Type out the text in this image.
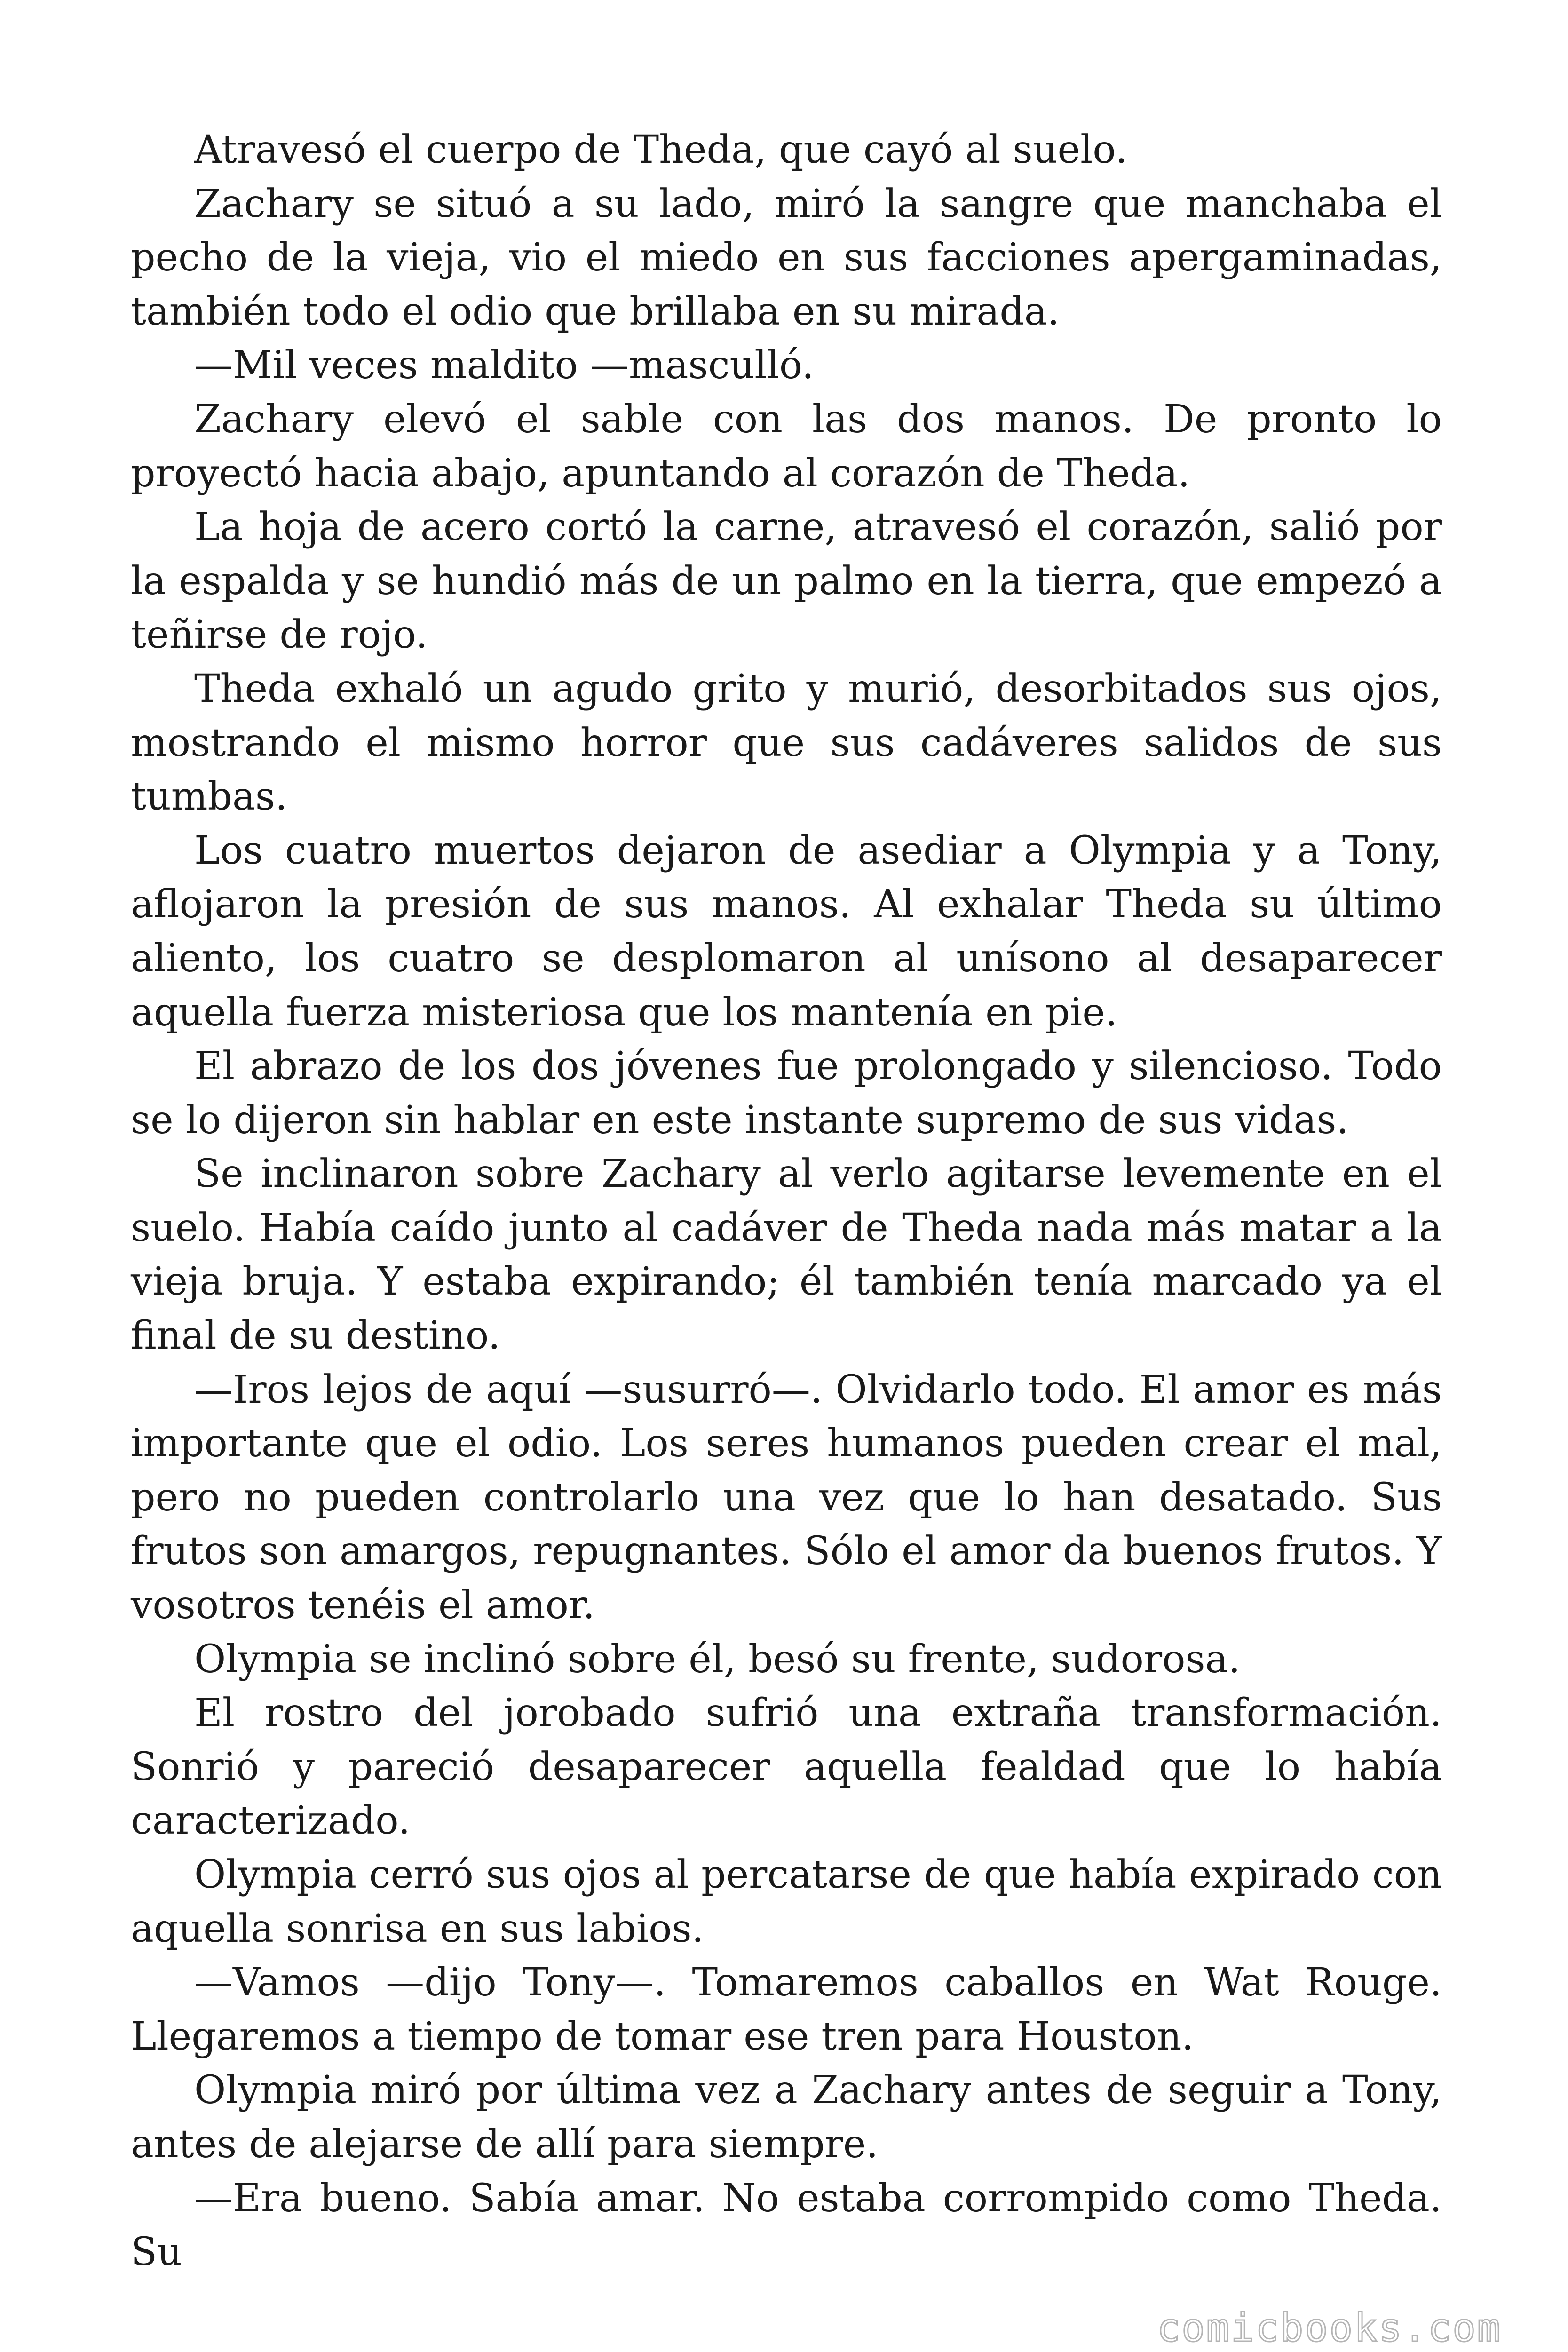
Atravesó el cuerpo de Theda, que cayó al suelo.

Zachary se situó a su lado, miró la sangre que manchaba el pecho de la vieja, vio el miedo en sus facciones apergaminadas, también todo el odio que brillaba en su mirada.

—Mil veces maldito —masculló.

Zachary elevó el sable con las dos manos. De pronto lo proyectó hacia abajo, apuntando al corazón de Theda.

La hoja de acero cortó la carne, atravesó el corazón, salió por la espalda y se hundió más de un palmo en la tierra, que empezó a teñirse de rojo.

Theda exhaló un agudo grito y murió, desorbitados sus ojos, mostrando el mismo horror que sus cadáveres salidos de sus tumbas.

Los cuatro muertos dejaron de asediar a Olympia y a Tony, aflojaron la presión de sus manos. Al exhalar Theda su último aliento, los cuatro se desplomaron al unísono al desaparecer aquella fuerza misteriosa que los mantenía en pie.

El abrazo de los dos jóvenes fue prolongado y silencioso. Todo se lo dijeron sin hablar en este instante supremo de sus vidas.

Se inclinaron sobre Zachary al verlo agitarse levemente en el suelo. Había caído junto al cadáver de Theda nada más matar a la vieja bruja. Y estaba expirando; él también tenía marcado ya el final de su destino.

—Iros lejos de aquí —susurró—. Olvidarlo todo. El amor es más importante que el odio. Los seres humanos pueden crear el mal, pero no pueden controlarlo una vez que lo han desatado. Sus frutos son amargos, repugnantes. Sólo el amor da buenos frutos. Y vosotros tenéis el amor.

Olympia se inclinó sobre él, besó su frente, sudorosa.

El rostro del jorobado sufrió una extraña transformación. Sonrió y pareció desaparecer aquella fealdad que lo había caracterizado.

Olympia cerró sus ojos al percatarse de que había expirado con aquella sonrisa en sus labios.

—Vamos —dijo Tony—. Tomaremos caballos en Wat Rouge. Llegaremos a tiempo de tomar ese tren para Houston.

Olympia miró por última vez a Zachary antes de seguir a Tony, antes de alejarse de allí para siempre.

—Era bueno. Sabía amar. No estaba corrompido como Theda. Su

comicbooks.com
